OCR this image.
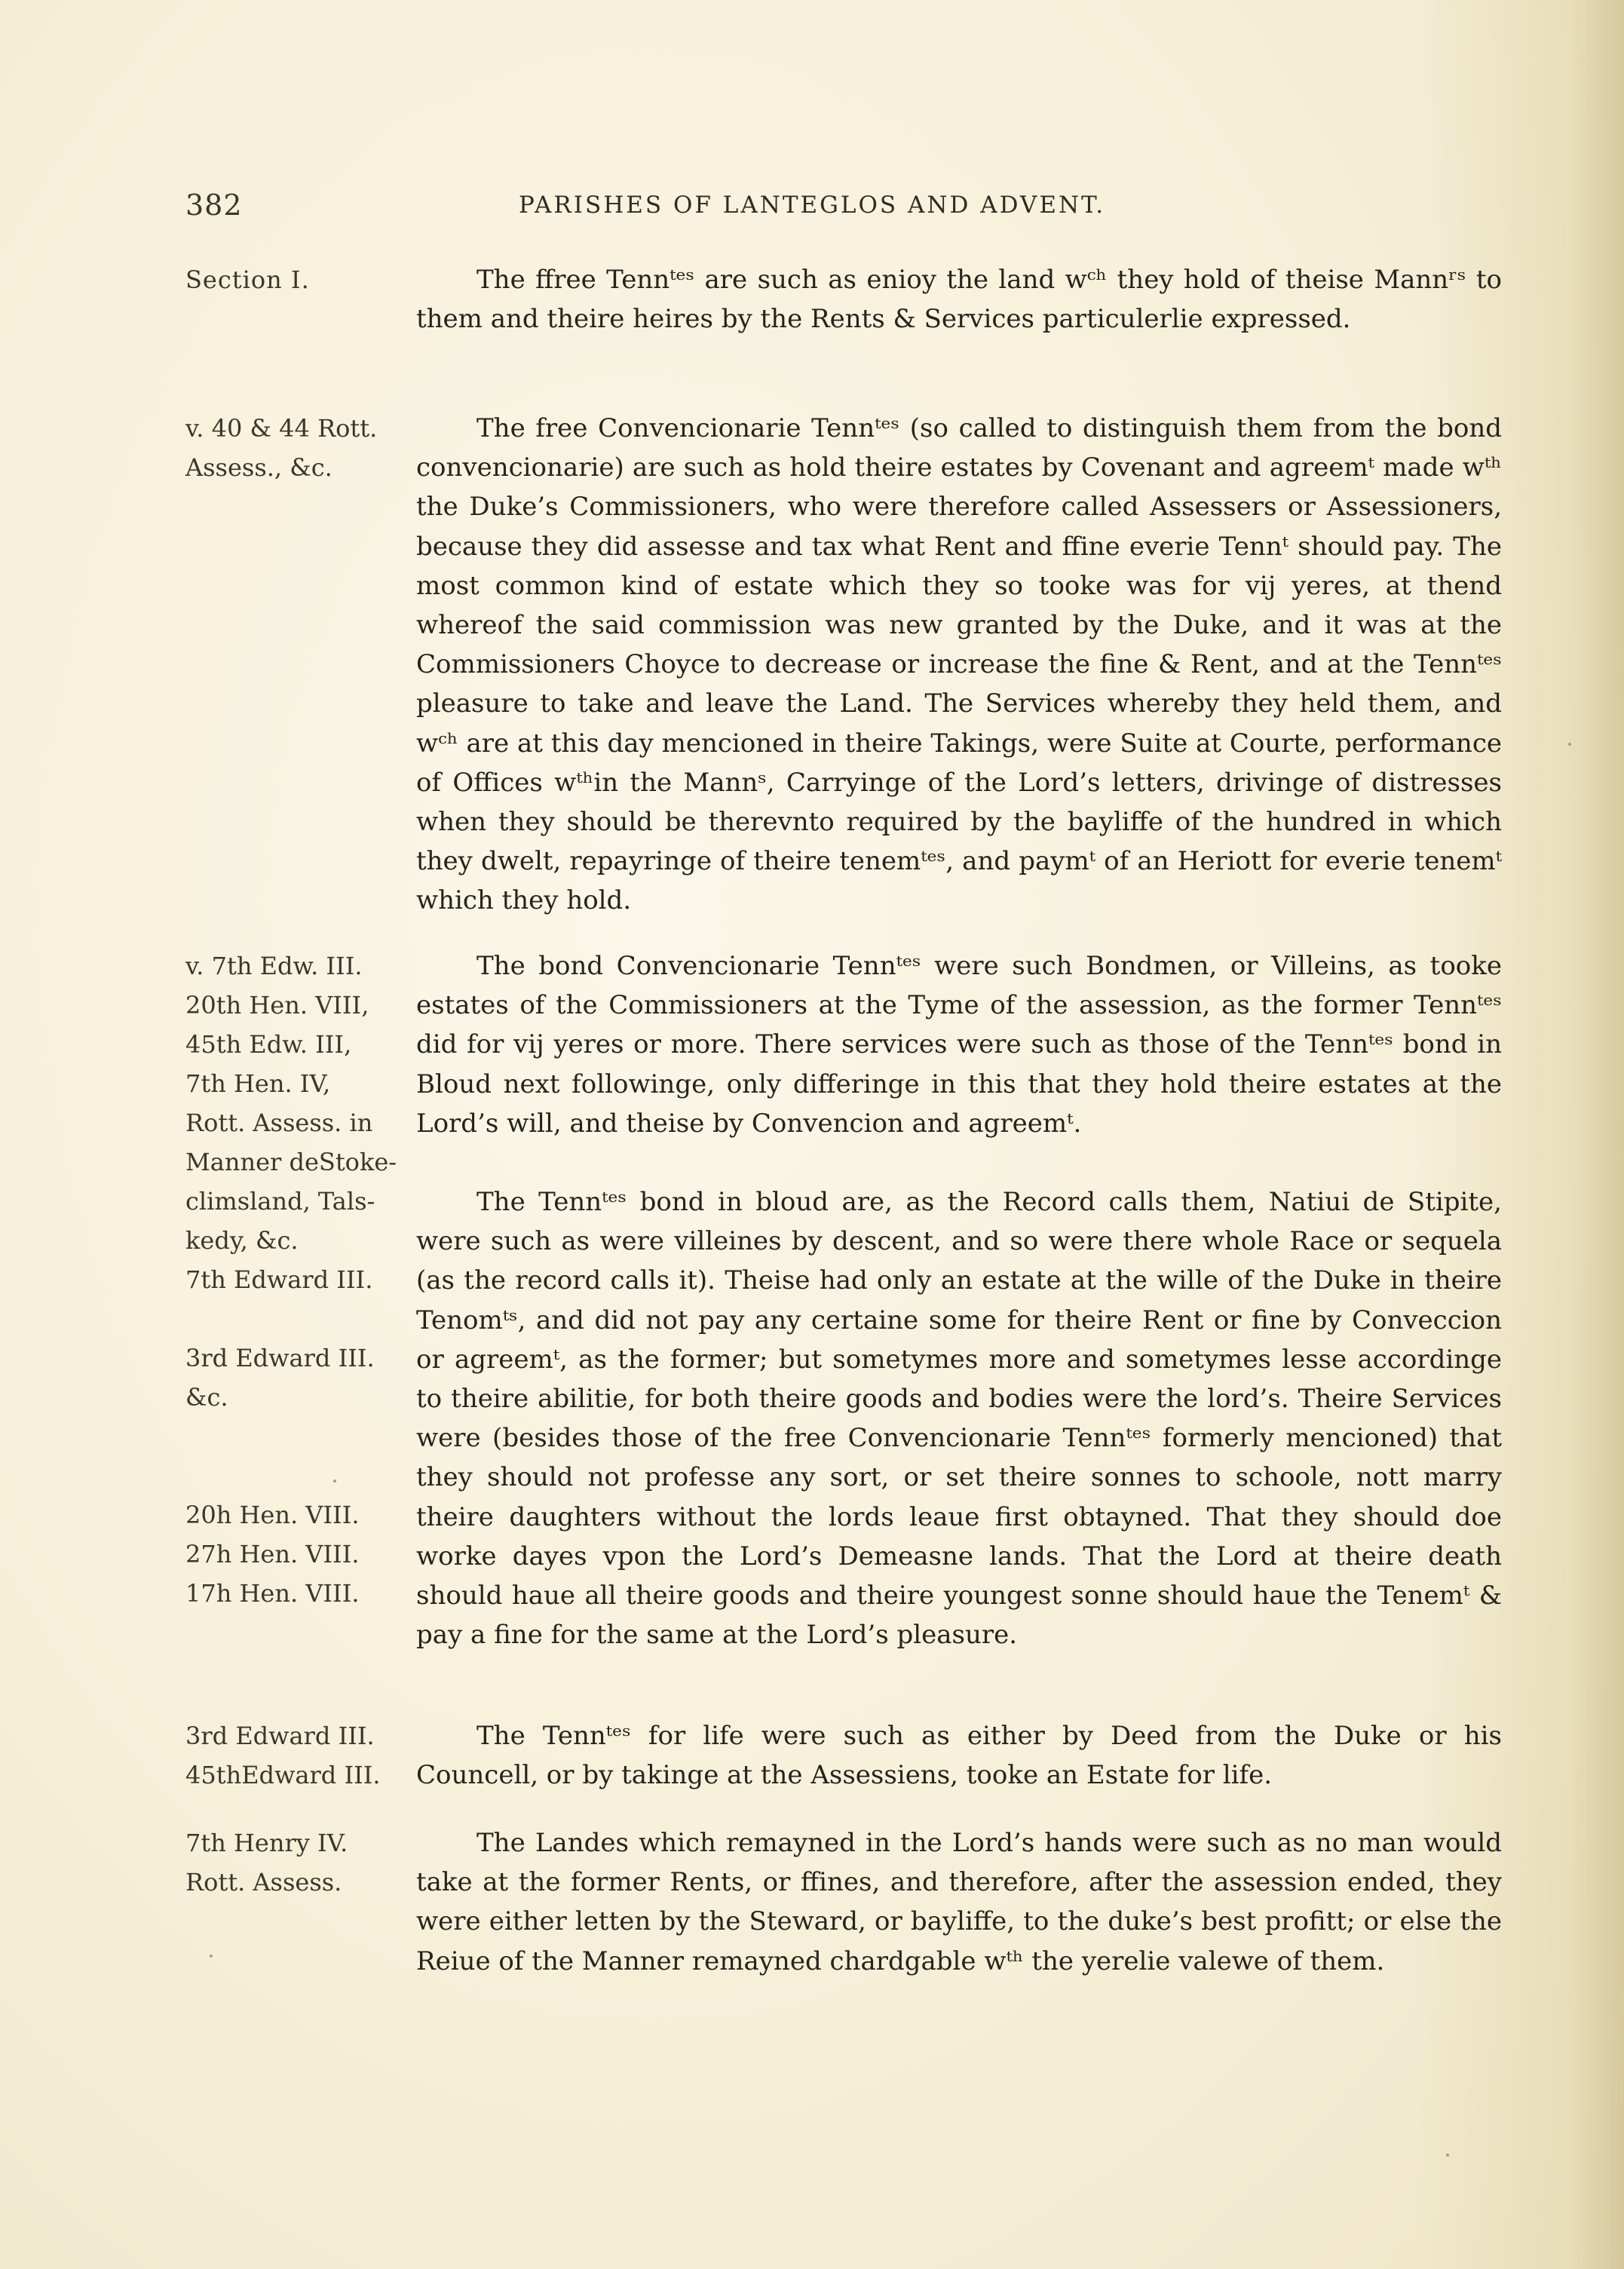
382	PARISHES OF LANTEGLOS AND ADVENT.
Section I.	The ffree Tennᵗᵉˢ are such as enioy the land wᶜʰ they hold of theise Mannʳˢ to them and theire heires by the Rents & Services particulerlie expressed.

v. 40 & 44 Rott.
Assess., &c.

The free Convencionarie Tennᵗᵉˢ (so called to distinguish them from the bond convencionarie) are such as hold theire estates by Covenant and agreemᵗ made wᵗʰ the Duke’s Commissioners, who were therefore called Assessers or Assessioners, because they did assesse and tax what Rent and ffine everie Tennᵗ should pay. The most common kind of estate which they so tooke was for vij yeres, at thend whereof the said commission was new granted by the Duke, and it was at the Commissioners Choyce to decrease or increase the fine & Rent, and at the Tennᵗᵉˢ pleasure to take and leave the Land. The Services whereby they held them, and wᶜʰ are at this day mencioned in theire Takings, were Suite at Courte, performance of Offices wᵗʰin the Mannˢ, Carryinge of the Lord’s letters, drivinge of distresses when they should be therevnto required by the bayliffe of the hundred in which they dwelt, repayringe of theire tenemᵗᵉˢ, and paymᵗ of an Heriott for everie tenemᵗ which they hold.

v. 7th Edw. III.
20th Hen. VIII,
45th Edw. III,
7th Hen. IV,
Rott. Assess. in
Manner deStoke-
climsland, Tals-
kedy, &c.
7th Edward III.
3rd Edward III.
&c.
20h Hen. VIII.
27h Hen. VIII.
17h Hen. VIII.

The bond Convencionarie Tennᵗᵉˢ were such Bondmen, or Villeins, as tooke estates of the Commissioners at the Tyme of the assession, as the former Tennᵗᵉˢ did for vij yeres or more. There services were such as those of the Tennᵗᵉˢ bond in Bloud next followinge, only differinge in this that they hold theire estates at the Lord’s will, and theise by Convencion and agreemᵗ.

The Tennᵗᵉˢ bond in bloud are, as the Record calls them, Natiui de Stipite, were such as were villeines by descent, and so were there whole Race or sequela (as the record calls it). Theise had only an estate at the wille of the Duke in theire Tenomᵗˢ, and did not pay any certaine some for theire Rent or fine by Conveccion or agreemᵗ, as the former; but sometymes more and sometymes lesse accordinge to theire abilitie, for both theire goods and bodies were the lord’s. Theire Services were (besides those of the free Convencionarie Tennᵗᵉˢ formerly mencioned) that they should not professe any sort, or set theire sonnes to schoole, nott marry theire daughters without the lords leaue first obtayned. That they should doe worke dayes vpon the Lord’s Demeasne lands. That the Lord at theire death should haue all theire goods and theire youngest sonne should haue the Tenemᵗ & pay a fine for the same at the Lord’s pleasure.

3rd Edward III.
45thEdward III.

The Tennᵗᵉˢ for life were such as either by Deed from the Duke or his Councell, or by takinge at the Assessiens, tooke an Estate for life.

7th Henry IV.
Rott. Assess.

The Landes which remayned in the Lord’s hands were such as no man would take at the former Rents, or ffines, and therefore, after the assession ended, they were either letten by the Steward, or bayliffe, to the duke’s best profitt; or else the Reiue of the Manner remayned chardgable wᵗʰ the yerelie valewe of them.
